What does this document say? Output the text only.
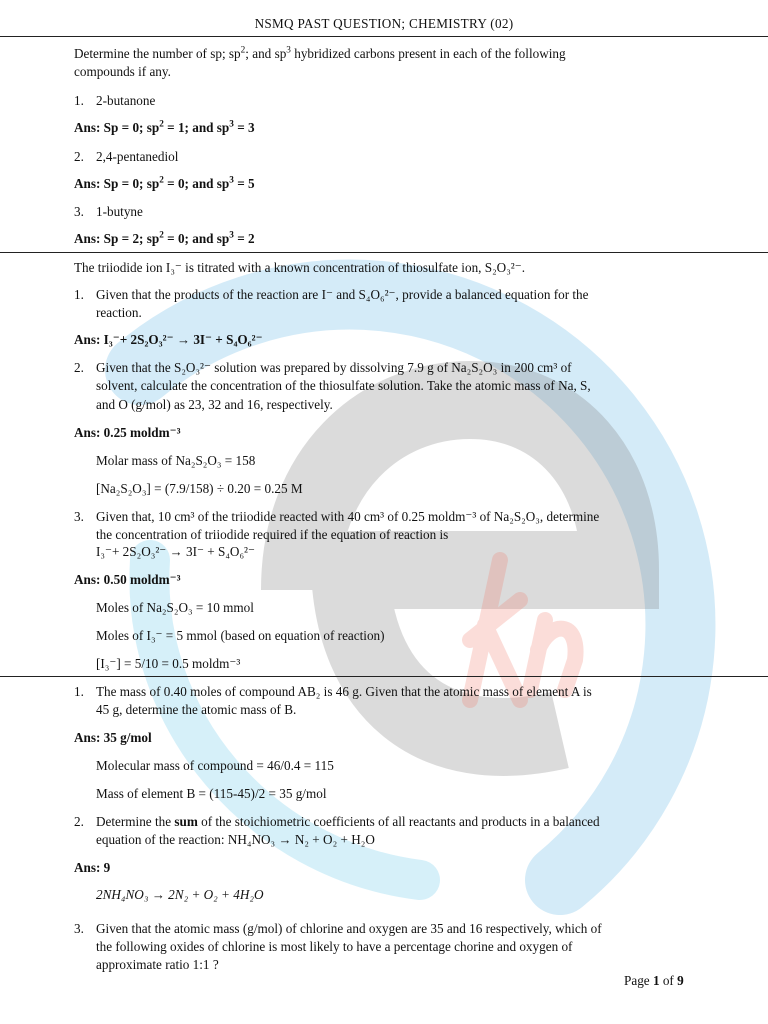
NSMQ PAST QUESTION; CHEMISTRY (02)
Determine the number of sp; $sp^2$; and $sp^3$ hybridized carbons present in each of the following
compounds if any.
1. 2-butanone
Ans: Sp = 0; $sp^2 = 1$; and $sp^3 = 3$
2. 2,4-pentanediol
Ans: Sp = 0; $sp^2 = 0$; and $sp^3 = 5$
3. 1-butyne
Ans: Sp = 2; $sp^2 = 0$; and $sp^3 = 2$
The triiodide ion I₃⁻ is titrated with a known concentration of thiosulfate ion, S₂O₃²⁻.
1. Given that the products of the reaction are I⁻ and S₄O₆²⁻, provide a balanced equation for the
reaction.
Ans: I₃⁻+ 2S₂O₃²⁻ → 3I⁻ + S₄O₆²⁻
2. Given that the S₂O₃²⁻ solution was prepared by dissolving 7.9 g of Na₂S₂O₃ in 200 cm³ of
solvent, calculate the concentration of the thiosulfate solution. Take the atomic mass of Na, S,
and O (g/mol) as 23, 32 and 16, respectively.
Ans: 0.25 moldm⁻³
Molar mass of Na₂S₂O₃ = 158
[Na₂S₂O₃] = (7.9/158) ÷ 0.20 = 0.25 M
3. Given that, 10 cm³ of the triiodide reacted with 40 cm³ of 0.25 moldm⁻³ of Na₂S₂O₃, determine
the concentration of triiodide required if the equation of reaction is
I₃⁻+ 2S₂O₃²⁻ → 3I⁻ + S₄O₆²⁻
Ans: 0.50 moldm⁻³
Moles of Na₂S₂O₃ = 10 mmol
Moles of I₃⁻ = 5 mmol (based on equation of reaction)
[I₃⁻] = 5/10 = 0.5 moldm⁻³
1. The mass of 0.40 moles of compound AB₂ is 46 g. Given that the atomic mass of element A is
45 g, determine the atomic mass of B.
Ans: 35 g/mol
Molecular mass of compound = 46/0.4 = 115
Mass of element B = (115-45)/2 = 35 g/mol
2. Determine the sum of the stoichiometric coefficients of all reactants and products in a balanced
equation of the reaction: NH₄NO₃ → N₂ + O₂ + H₂O
Ans: 9
2NH₄NO₃ → 2N₂ + O₂ + 4H₂O
3. Given that the atomic mass (g/mol) of chlorine and oxygen are 35 and 16 respectively, which of
the following oxides of chlorine is most likely to have a percentage chorine and oxygen of
approximate ratio 1:1 ?
Page 1 of 9
